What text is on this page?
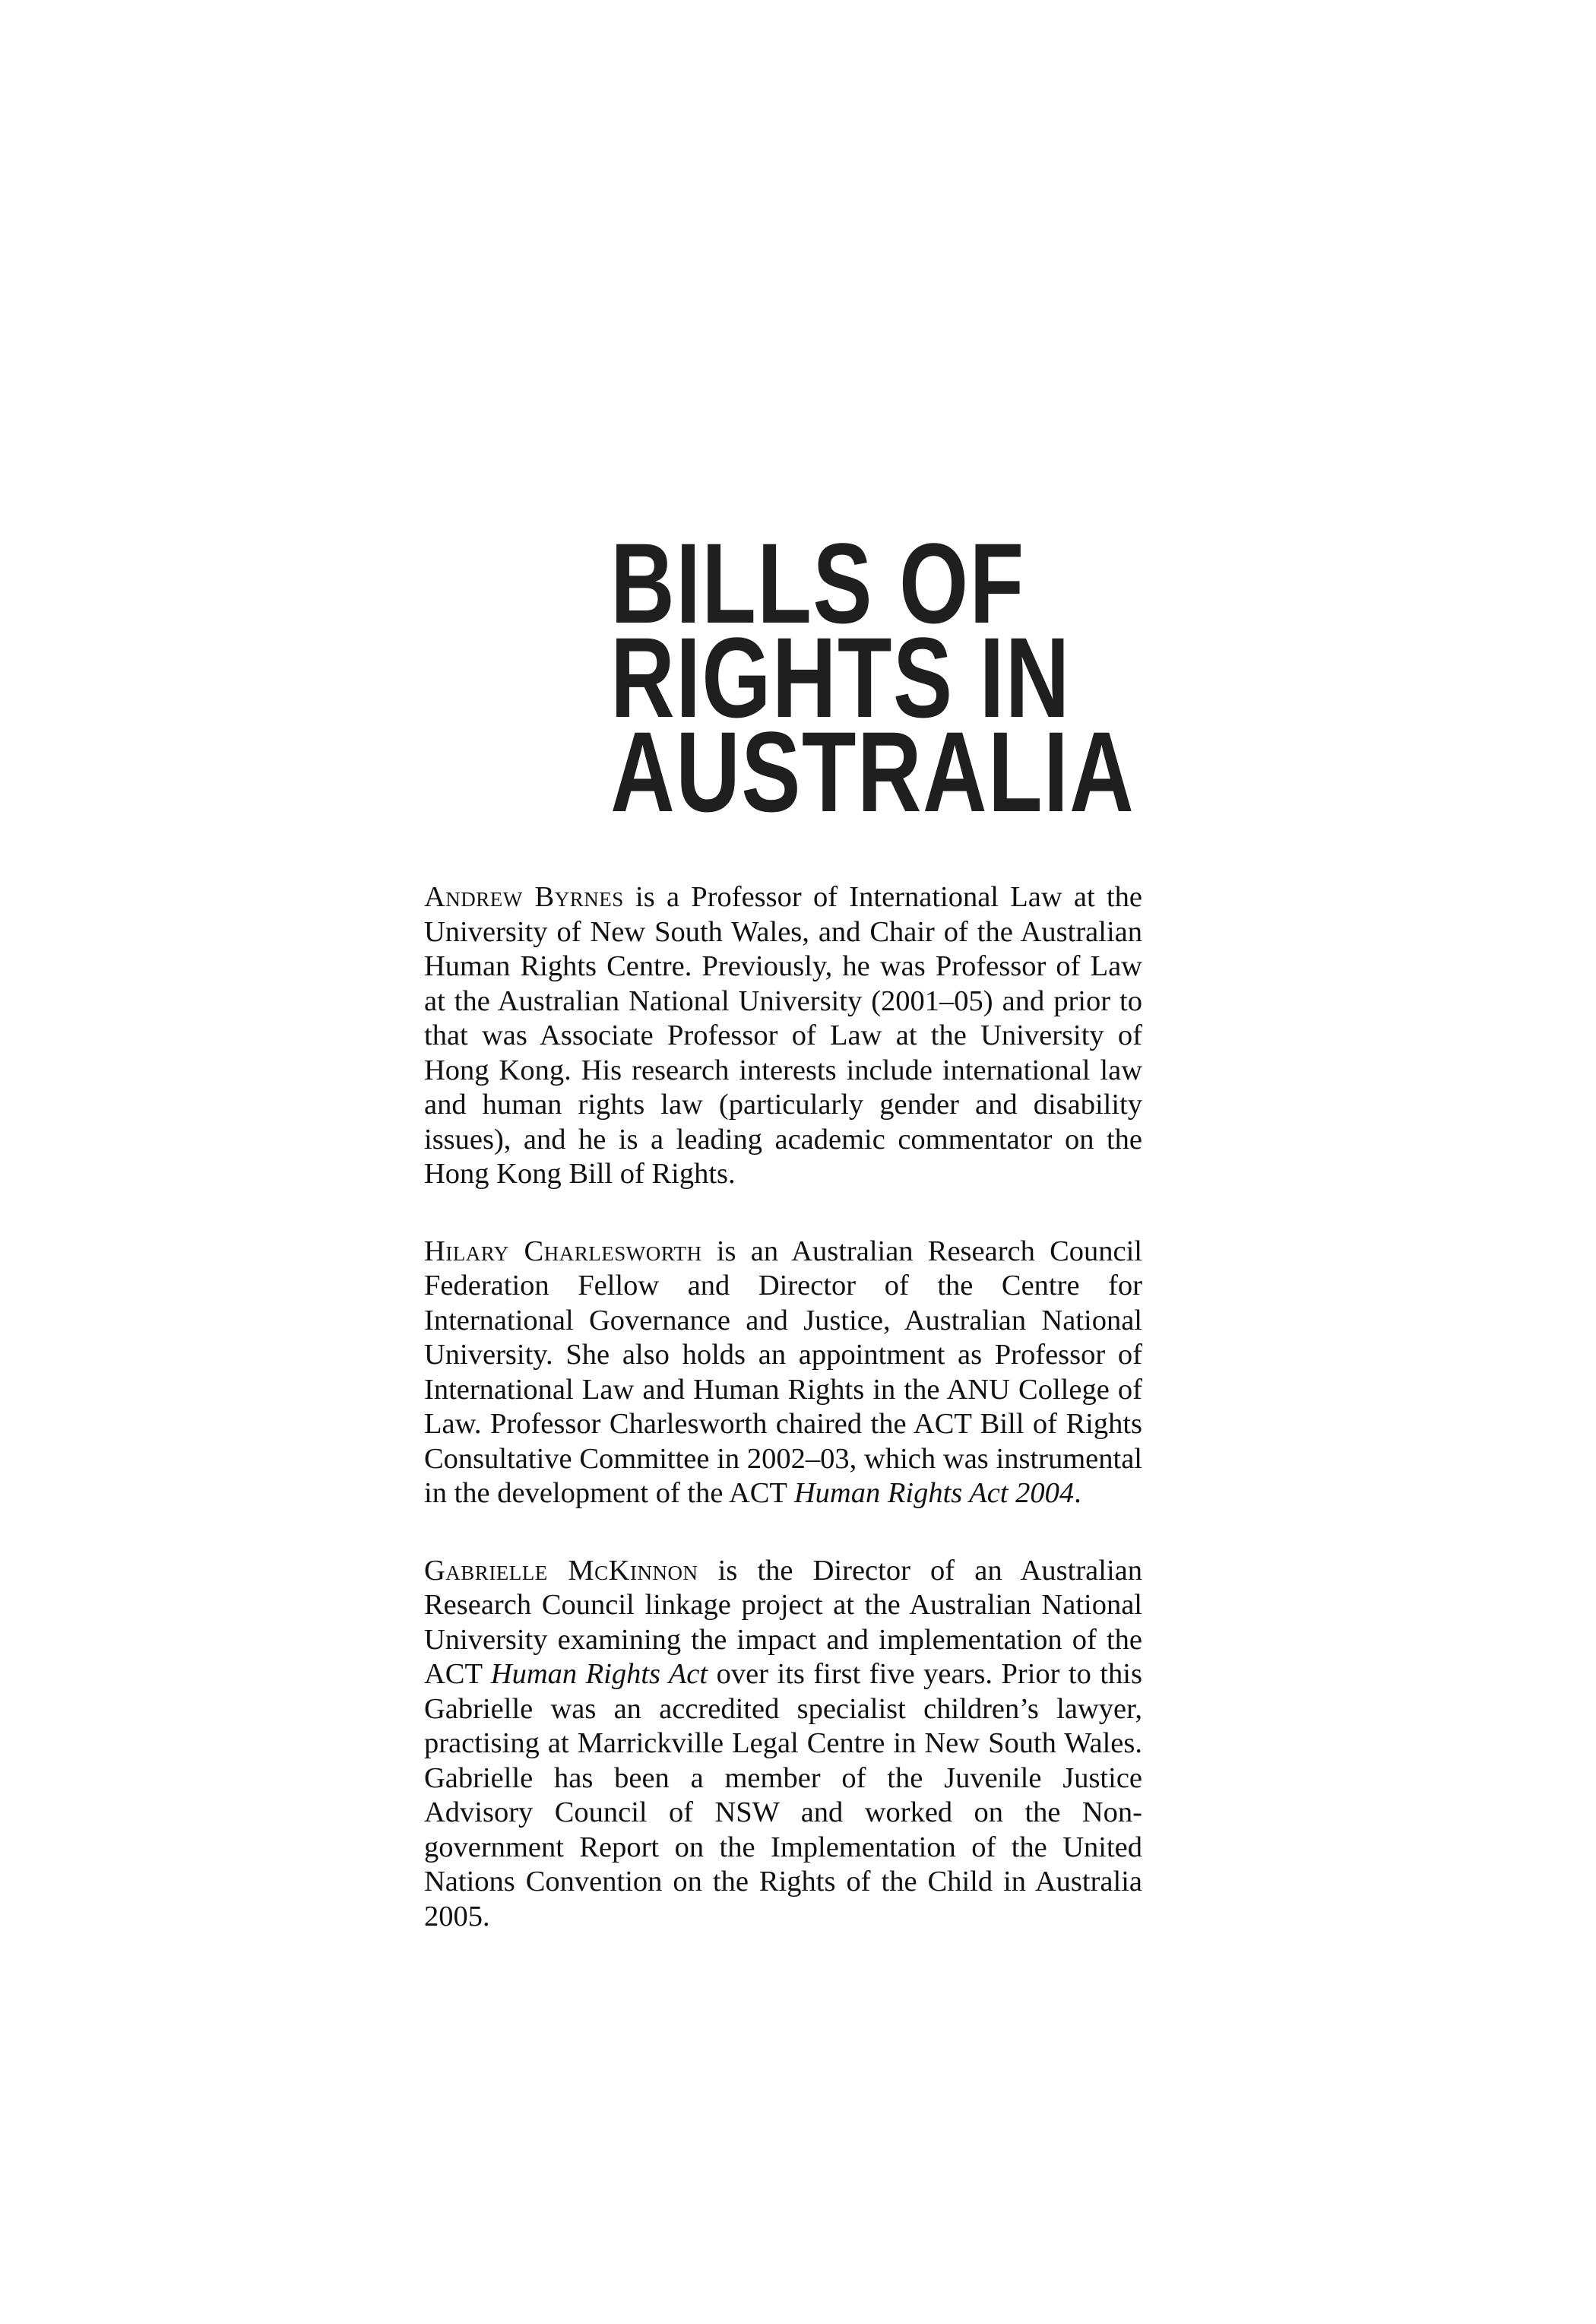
BILLS OF
RIGHTS IN
AUSTRALIA

Andrew Byrnes is a Professor of International Law at the University of New South Wales, and Chair of the Australian Human Rights Centre. Previously, he was Professor of Law at the Australian National University (2001–05) and prior to that was Associate Professor of Law at the University of Hong Kong. His research interests include international law and human rights law (particularly gender and disability issues), and he is a leading academic commentator on the Hong Kong Bill of Rights.

Hilary Charlesworth is an Australian Research Council Federation Fellow and Director of the Centre for International Governance and Justice, Australian National University. She also holds an appointment as Professor of International Law and Human Rights in the ANU College of Law. Professor Charlesworth chaired the ACT Bill of Rights Consultative Committee in 2002–03, which was instrumental in the development of the ACT Human Rights Act 2004.

Gabrielle McKinnon is the Director of an Australian Research Council linkage project at the Australian National University examining the impact and implementation of the ACT Human Rights Act over its first five years. Prior to this Gabrielle was an accredited specialist children’s lawyer, practising at Marrickville Legal Centre in New South Wales. Gabrielle has been a member of the Juvenile Justice Advisory Council of NSW and worked on the Non-government Report on the Implementation of the United Nations Convention on the Rights of the Child in Australia 2005.
